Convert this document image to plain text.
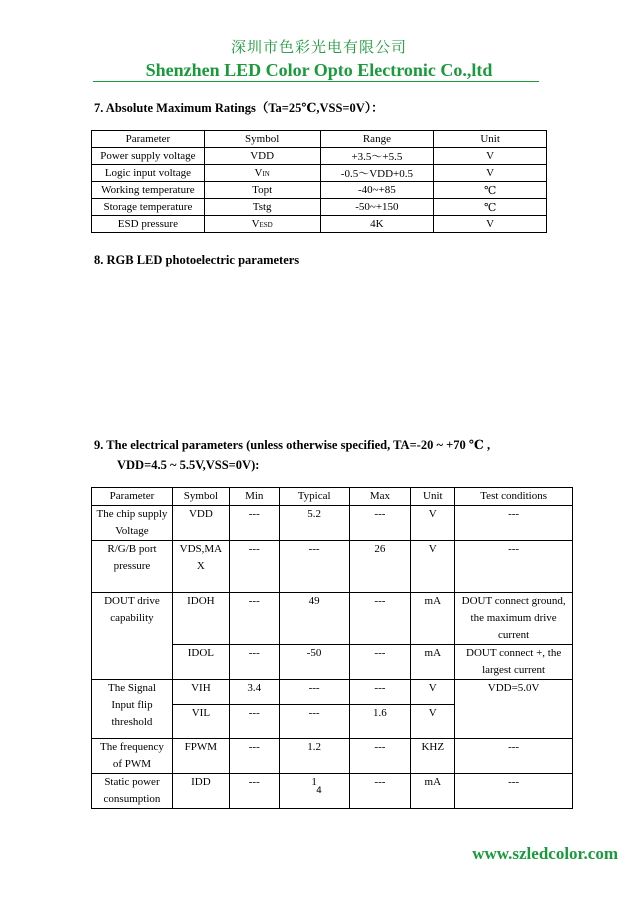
深圳市色彩光电有限公司
Shenzhen LED Color Opto Electronic Co.,ltd
7. Absolute Maximum Ratings（Ta=25℃,VSS=0V）：
Parameter	Symbol	Range	Unit
Power supply voltage	VDD	+3.5～+5.5	V
Logic input voltage	VIN	-0.5～VDD+0.5	V
Working temperature	Topt	-40~+85	℃
Storage temperature	Tstg	-50~+150	℃
ESD pressure	VESD	4K	V
8. RGB LED photoelectric parameters
9. The electrical parameters (unless otherwise specified, TA=-20 ~ +70 ℃ ,
VDD=4.5 ~ 5.5V,VSS=0V):
Parameter	Symbol	Min	Typical	Max	Unit	Test conditions
The chip supply Voltage	VDD	---	5.2	---	V	---
R/G/B port pressure	VDS,MAX	---	---	26	V	---
DOUT drive capability	IDOH	---	49	---	mA	DOUT connect ground, the maximum drive current
	IDOL	---	-50	---	mA	DOUT connect +, the largest current
The Signal Input flip threshold	VIH	3.4	---	---	V	VDD=5.0V
	VIL	---	---	1.6	V	
The frequency of PWM	FPWM	---	1.2	---	KHZ	---
Static power consumption	IDD	---	1	---	mA	---
4
www.szledcolor.com
